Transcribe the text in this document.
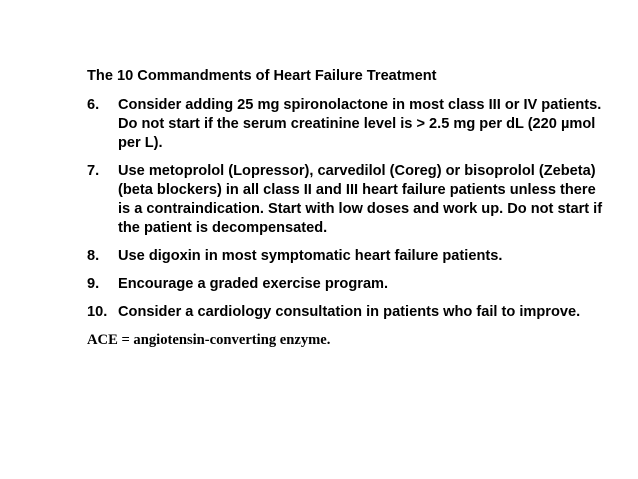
The 10 Commandments of Heart Failure Treatment
6.	Consider adding 25 mg spironolactone in most class III or IV patients. Do not start if the serum creatinine level is > 2.5 mg per dL (220 µmol per L).
7.	Use metoprolol (Lopressor), carvedilol (Coreg) or bisoprolol (Zebeta) (beta blockers) in all class II and III heart failure patients unless there is a contraindication. Start with low doses and work up. Do not start if the patient is decompensated.
8.	Use digoxin in most symptomatic heart failure patients.
9.	Encourage a graded exercise program.
10. Consider a cardiology consultation in patients who fail to improve.
ACE = angiotensin-converting enzyme.
